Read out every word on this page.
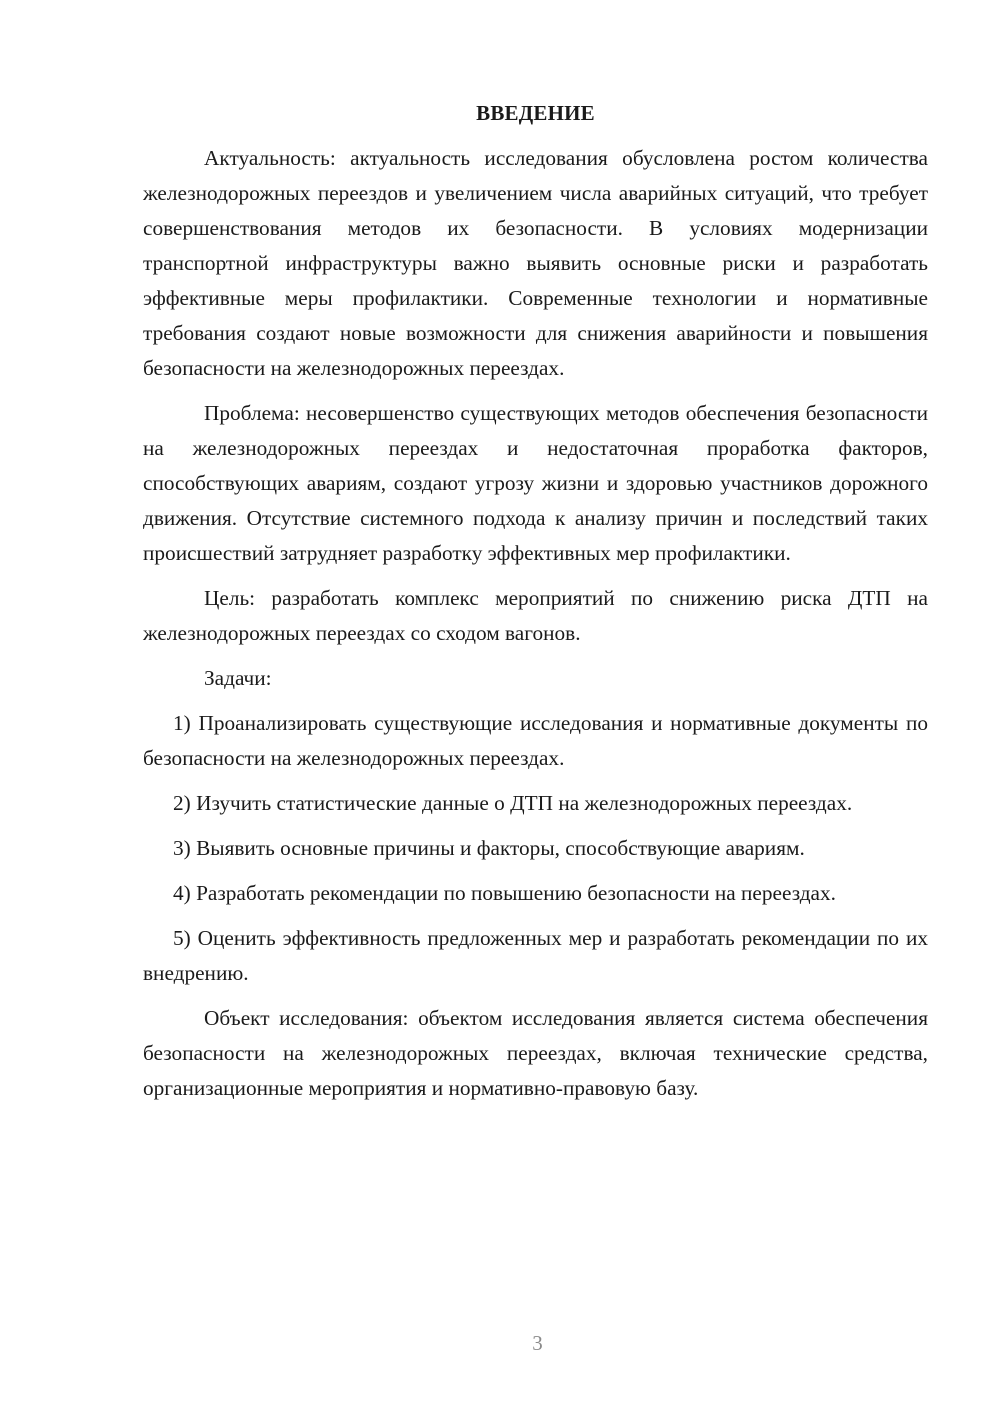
ВВЕДЕНИЕ

Актуальность: актуальность исследования обусловлена ростом количества железнодорожных переездов и увеличением числа аварийных ситуаций, что требует совершенствования методов их безопасности. В условиях модернизации транспортной инфраструктуры важно выявить основные риски и разработать эффективные меры профилактики. Современные технологии и нормативные требования создают новые возможности для снижения аварийности и повышения безопасности на железнодорожных переездах.

Проблема: несовершенство существующих методов обеспечения безопасности на железнодорожных переездах и недостаточная проработка факторов, способствующих авариям, создают угрозу жизни и здоровью участников дорожного движения. Отсутствие системного подхода к анализу причин и последствий таких происшествий затрудняет разработку эффективных мер профилактики.

Цель: разработать комплекс мероприятий по снижению риска ДТП на железнодорожных переездах со сходом вагонов.

Задачи:

1) Проанализировать существующие исследования и нормативные документы по безопасности на железнодорожных переездах.

2) Изучить статистические данные о ДТП на железнодорожных переездах.

3) Выявить основные причины и факторы, способствующие авариям.

4) Разработать рекомендации по повышению безопасности на переездах.

5) Оценить эффективность предложенных мер и разработать рекомендации по их внедрению.

Объект исследования: объектом исследования является система обеспечения безопасности на железнодорожных переездах, включая технические средства, организационные мероприятия и нормативно-правовую базу.

3
